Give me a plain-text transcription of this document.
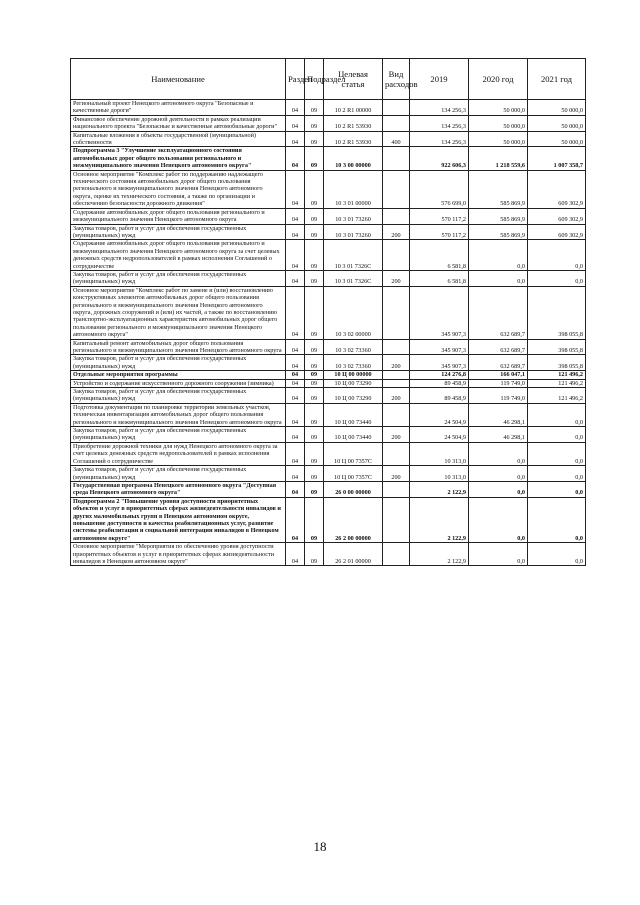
Наименование	Раздел	Подраздел	Целевая статья	Вид расходов	2019	2020 год	2021 год
Региональный проект Ненецкого автономного округа "Безопасные и качественные дороги"	04	09	10 2 R1 00000		134 256,3	50 000,0	50 000,0
Финансовое обеспечение дорожной деятельности в рамках реализации национального проекта "Безопасные и качественные автомобильные дороги"	04	09	10 2 R1 53930		134 256,3	50 000,0	50 000,0
Капитальные вложения в объекты государственной (муниципальной) собственности	04	09	10 2 R1 53930	400	134 256,3	50 000,0	50 000,0
Подпрограмма 3 "Улучшение эксплуатационного состояния автомобильных дорог общего пользования регионального и межмуниципального значения Ненецкого автономного округа"	04	09	10 3 00 00000		922 606,3	1 218 559,6	1 007 358,7
Основное мероприятие "Комплекс работ по поддержанию надлежащего технического состояния автомобильных дорог общего пользования регионального и межмуниципального значения Ненецкого автономного округа, оценке их технического состояния, а также по организации и обеспечению безопасности дорожного движения"	04	09	10 3 01 00000		576 699,0	585 869,9	609 302,9
Содержание автомобильных дорог общего пользования регионального и межмуниципального значения Ненецкого автономного округа	04	09	10 3 01 73260		570 117,2	585 869,9	609 302,9
Закупка товаров, работ и услуг для обеспечения государственных (муниципальных) нужд	04	09	10 3 01 73260	200	570 117,2	585 869,9	609 302,9
Содержание автомобильных дорог общего пользования регионального и межмуниципального значения Ненецкого автономного округа за счет целевых денежных средств недропользователей в рамках исполнения Соглашений о сотрудничестве	04	09	10 3 01 7326С		6 581,8	0,0	0,0
Закупка товаров, работ и услуг для обеспечения государственных (муниципальных) нужд	04	09	10 3 01 7326С	200	6 581,8	0,0	0,0
Основное мероприятие "Комплекс работ по замене и (или) восстановлению конструктивных элементов автомобильных дорог общего пользования регионального и межмуниципального значения Ненецкого автономного округа, дорожных сооружений и (или) их частей, а также по восстановлению транспортно-эксплуатационных характеристик автомобильных дорог общего пользования регионального и межмуниципального значения Ненецкого автономного округа"	04	09	10 3 02 00000		345 907,3	632 689,7	398 055,8
Капитальный ремонт автомобильных дорог общего пользования регионального и межмуниципального значения Ненецкого автономного округа	04	09	10 3 02 73360		345 907,3	632 689,7	398 055,8
Закупка товаров, работ и услуг для обеспечения государственных (муниципальных) нужд	04	09	10 3 02 73360	200	345 907,3	632 689,7	398 055,8
Отдельные мероприятия программы	04	09	10 Ц 00 00000		124 276,8	166 047,1	121 496,2
Устройство и содержание искусственного дорожного сооружения (зимника)	04	09	10 Ц 00 73290		89 458,9	119 749,0	121 496,2
Закупка товаров, работ и услуг для обеспечения государственных (муниципальных) нужд	04	09	10 Ц 00 73290	200	89 458,9	119 749,0	121 496,2
Подготовка документации по планировке территории земельных участков, техническая инвентаризация автомобильных дорог общего пользования регионального и межмуниципального значения Ненецкого автономного округа	04	09	10 Ц 00 73440		24 504,9	46 298,1	0,0
Закупка товаров, работ и услуг для обеспечения государственных (муниципальных) нужд	04	09	10 Ц 00 73440	200	24 504,9	46 298,1	0,0
Приобретение дорожной техники для нужд Ненецкого автономного округа за счет целевых денежных средств недропользователей в рамках исполнения Соглашений о сотрудничестве	04	09	10 Ц 00 7357С		10 313,0	0,0	0,0
Закупка товаров, работ и услуг для обеспечения государственных (муниципальных) нужд	04	09	10 Ц 00 7357С	200	10 313,0	0,0	0,0
Государственная программа Ненецкого автономного округа "Доступная среда Ненецкого автономного округа"	04	09	26 0 00 00000		2 122,9	0,0	0,0
Подпрограмма 2 "Повышение уровня доступности приоритетных объектов и услуг в приоритетных сферах жизнедеятельности инвалидов и других маломобильных групп в Ненецком автономном округе, повышение доступности и качества реабилитационных услуг, развитие системы реабилитации и социальной интеграции инвалидов в Ненецком автономном округе"	04	09	26 2 00 00000		2 122,9	0,0	0,0
Основное мероприятие "Мероприятия по обеспечению уровня доступности приоритетных объектов и услуг в приоритетных сферах жизнедеятельности инвалидов в Ненецком автономном округе"	04	09	26 2 01 00000		2 122,9	0,0	0,0
18
